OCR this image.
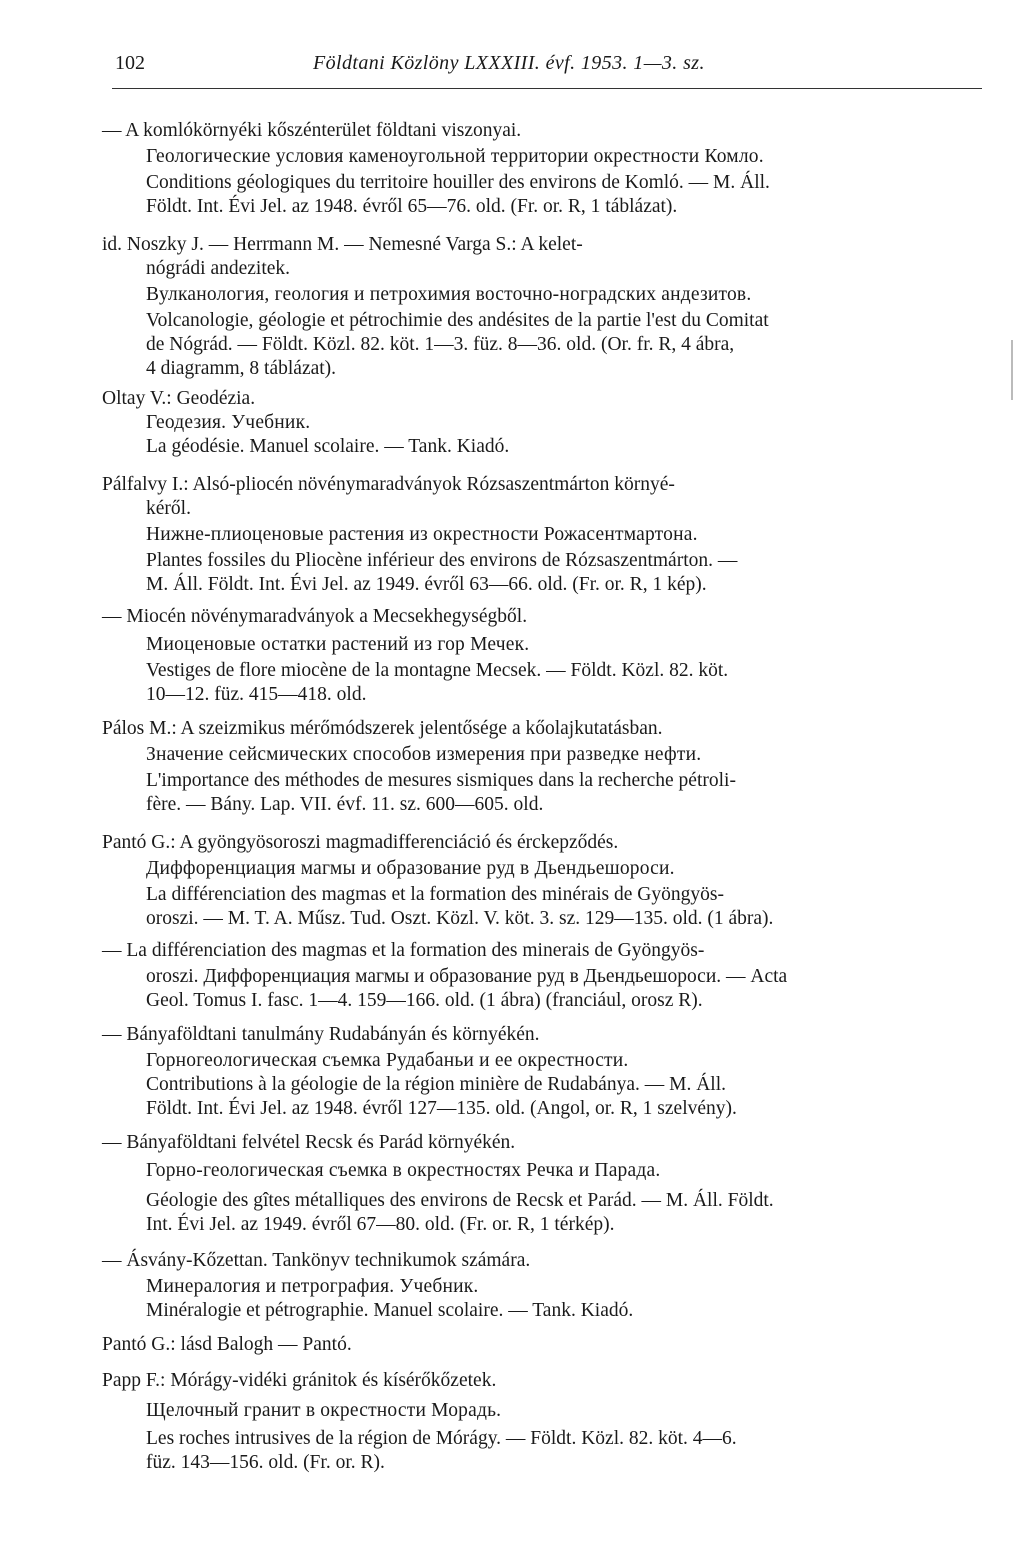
102	Földtani Közlöny LXXXIII. évf. 1953. 1—3. sz.
— A komlókörnyéki kőszénterület földtani viszonyai.
Геологические условия каменоугольной территории окрестности Комло.
Conditions géologiques du territoire houiller des environs de Komló. — M. Áll.
Földt. Int. Évi Jel. az 1948. évről 65—76. old. (Fr. or. R, 1 táblázat).
id. Noszky J. — Herrmann M. — Nemesné Varga S.: A kelet-
nógrádi andezitek.
Вулканология, геология и петрохимия восточно-ноградских андезитов.
Volcanologie, géologie et pétrochimie des andésites de la partie l'est du Comitat
de Nógrád. — Földt. Közl. 82. köt. 1—3. füz. 8—36. old. (Or. fr. R, 4 ábra,
4 diagramm, 8 táblázat).
Oltay V.: Geodézia.
Геодезия. Учебник.
La géodésie. Manuel scolaire. — Tank. Kiadó.
Pálfalvy I.: Alsó-pliocén növénymaradványok Rózsaszentmárton környé-
kéről.
Нижне-плиоценовые растения из окрестности Рожасентмартона.
Plantes fossiles du Pliocène inférieur des environs de Rózsaszentmárton. —
M. Áll. Földt. Int. Évi Jel. az 1949. évről 63—66. old. (Fr. or. R, 1 kép).
— Miocén növénymaradványok a Mecsekhegységből.
Миоценовые остатки растений из гор Мечек.
Vestiges de flore miocène de la montagne Mecsek. — Földt. Közl. 82. köt.
10—12. füz. 415—418. old.
Pálos M.: A szeizmikus mérőmódszerek jelentősége a kőolajkutatásban.
Значение сейсмических способов измерения при разведке нефти.
L'importance des méthodes de mesures sismiques dans la recherche pétroli-
fère. — Bány. Lap. VII. évf. 11. sz. 600—605. old.
Pantó G.: A gyöngyösoroszi magmadifferenciáció és érckepződés.
Диффоренциация магмы и образование руд в Дьендьешороси.
La différenciation des magmas et la formation des minérais de Gyöngyös-
oroszi. — M. T. A. Műsz. Tud. Oszt. Közl. V. köt. 3. sz. 129—135. old. (1 ábra).
— La différenciation des magmas et la formation des minerais de Gyöngyös-
oroszi. Диффоренциация магмы и образование руд в Дьендьешороси. — Acta
Geol. Tomus I. fasc. 1—4. 159—166. old. (1 ábra) (franciául, orosz R).
— Bányaföldtani tanulmány Rudabányán és környékén.
Горногеологическая съемка Рудабаньи и ее окрестности.
Contributions à la géologie de la région minière de Rudabánya. — M. Áll.
Földt. Int. Évi Jel. az 1948. évről 127—135. old. (Angol, or. R, 1 szelvény).
— Bányaföldtani felvétel Recsk és Parád környékén.
Горно-геологическая съемка в окрестностях Речка и Парада.
Géologie des gîtes métalliques des environs de Recsk et Parád. — M. Áll. Földt.
Int. Évi Jel. az 1949. évről 67—80. old. (Fr. or. R, 1 térkép).
— Ásvány-Kőzettan. Tankönyv technikumok számára.
Минералогия и петрография. Учебник.
Minéralogie et pétrographie. Manuel scolaire. — Tank. Kiadó.
Pantó G.: lásd Balogh — Pantó.
Papp F.: Mórágy-vidéki gránitok és kísérőkőzetek.
Щелочный гранит в окрестности Морадь.
Les roches intrusives de la région de Mórágy. — Földt. Közl. 82. köt. 4—6.
füz. 143—156. old. (Fr. or. R).
